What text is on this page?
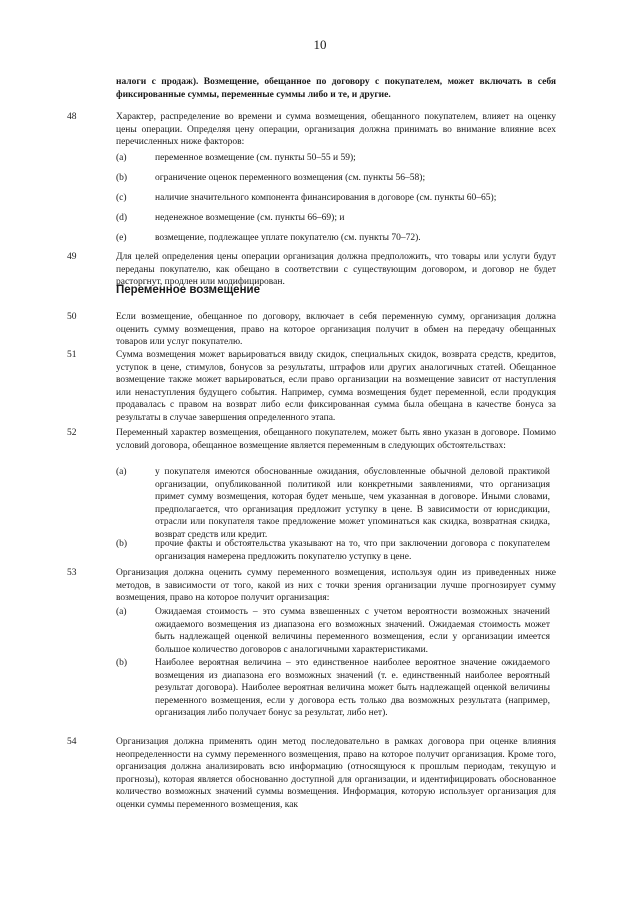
10
налоги с продаж). Возмещение, обещанное по договору с покупателем, может включать в себя фиксированные суммы, переменные суммы либо и те, и другие.
48	Характер, распределение во времени и сумма возмещения, обещанного покупателем, влияет на оценку цены операции. Определяя цену операции, организация должна принимать во внимание влияние всех перечисленных ниже факторов:
(a)	переменное возмещение (см. пункты 50–55 и 59);
(b)	ограничение оценок переменного возмещения (см. пункты 56–58);
(c)	наличие значительного компонента финансирования в договоре (см. пункты 60–65);
(d)	неденежное возмещение (см. пункты 66–69); и
(e)	возмещение, подлежащее уплате покупателю (см. пункты 70–72).
49	Для целей определения цены операции организация должна предположить, что товары или услуги будут переданы покупателю, как обещано в соответствии с существующим договором, и договор не будет расторгнут, продлен или модифицирован.
Переменное возмещение
50	Если возмещение, обещанное по договору, включает в себя переменную сумму, организация должна оценить сумму возмещения, право на которое организация получит в обмен на передачу обещанных товаров или услуг покупателю.
51	Сумма возмещения может варьироваться ввиду скидок, специальных скидок, возврата средств, кредитов, уступок в цене, стимулов, бонусов за результаты, штрафов или других аналогичных статей. Обещанное возмещение также может варьироваться, если право организации на возмещение зависит от наступления или ненаступления будущего события. Например, сумма возмещения будет переменной, если продукция продавалась с правом на возврат либо если фиксированная сумма была обещана в качестве бонуса за результаты в случае завершения определенного этапа.
52	Переменный характер возмещения, обещанного покупателем, может быть явно указан в договоре. Помимо условий договора, обещанное возмещение является переменным в следующих обстоятельствах:
(a)	у покупателя имеются обоснованные ожидания, обусловленные обычной деловой практикой организации, опубликованной политикой или конкретными заявлениями, что организация примет сумму возмещения, которая будет меньше, чем указанная в договоре. Иными словами, предполагается, что организация предложит уступку в цене. В зависимости от юрисдикции, отрасли или покупателя такое предложение может упоминаться как скидка, возвратная скидка, возврат средств или кредит.
(b)	прочие факты и обстоятельства указывают на то, что при заключении договора с покупателем организация намерена предложить покупателю уступку в цене.
53	Организация должна оценить сумму переменного возмещения, используя один из приведенных ниже методов, в зависимости от того, какой из них с точки зрения организации лучше прогнозирует сумму возмещения, право на которое получит организация:
(a)	Ожидаемая стоимость – это сумма взвешенных с учетом вероятности возможных значений ожидаемого возмещения из диапазона его возможных значений. Ожидаемая стоимость может быть надлежащей оценкой величины переменного возмещения, если у организации имеется большое количество договоров с аналогичными характеристиками.
(b)	Наиболее вероятная величина – это единственное наиболее вероятное значение ожидаемого возмещения из диапазона его возможных значений (т. е. единственный наиболее вероятный результат договора). Наиболее вероятная величина может быть надлежащей оценкой величины переменного возмещения, если у договора есть только два возможных результата (например, организация либо получает бонус за результат, либо нет).
54	Организация должна применять один метод последовательно в рамках договора при оценке влияния неопределенности на сумму переменного возмещения, право на которое получит организация. Кроме того, организация должна анализировать всю информацию (относящуюся к прошлым периодам, текущую и прогнозы), которая является обоснованно доступной для организации, и идентифицировать обоснованное количество возможных значений суммы возмещения. Информация, которую использует организация для оценки суммы переменного возмещения, как
